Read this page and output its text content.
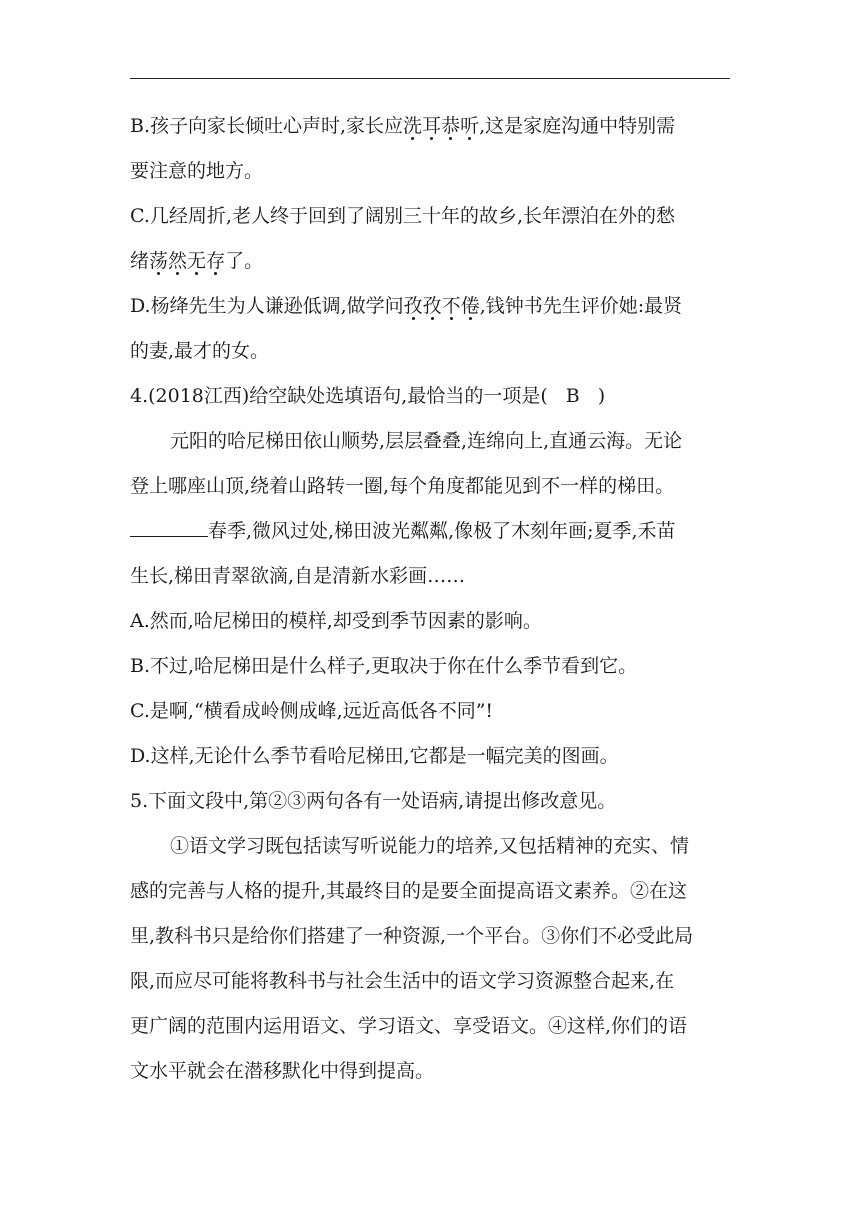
B.孩子向家长倾吐心声时,家长应洗耳恭听,这是家庭沟通中特别需
要注意的地方。
C.几经周折,老人终于回到了阔别三十年的故乡,长年漂泊在外的愁
绪荡然无存了。
D.杨绛先生为人谦逊低调,做学问孜孜不倦,钱钟书先生评价她:最贤
的妻,最才的女。
4.(2018江西)给空缺处选填语句,最恰当的一项是( B )
元阳的哈尼梯田依山顺势,层层叠叠,连绵向上,直通云海。无论
登上哪座山顶,绕着山路转一圈,每个角度都能见到不一样的梯田。
春季,微风过处,梯田波光粼粼,像极了木刻年画;夏季,禾苗
生长,梯田青翠欲滴,自是清新水彩画……
A.然而,哈尼梯田的模样,却受到季节因素的影响。
B.不过,哈尼梯田是什么样子,更取决于你在什么季节看到它。
C.是啊,“横看成岭侧成峰,远近高低各不同”!
D.这样,无论什么季节看哈尼梯田,它都是一幅完美的图画。
5.下面文段中,第②③两句各有一处语病,请提出修改意见。
①语文学习既包括读写听说能力的培养,又包括精神的充实、情
感的完善与人格的提升,其最终目的是要全面提高语文素养。②在这
里,教科书只是给你们搭建了一种资源,一个平台。③你们不必受此局
限,而应尽可能将教科书与社会生活中的语文学习资源整合起来,在
更广阔的范围内运用语文、学习语文、享受语文。④这样,你们的语
文水平就会在潜移默化中得到提高。
